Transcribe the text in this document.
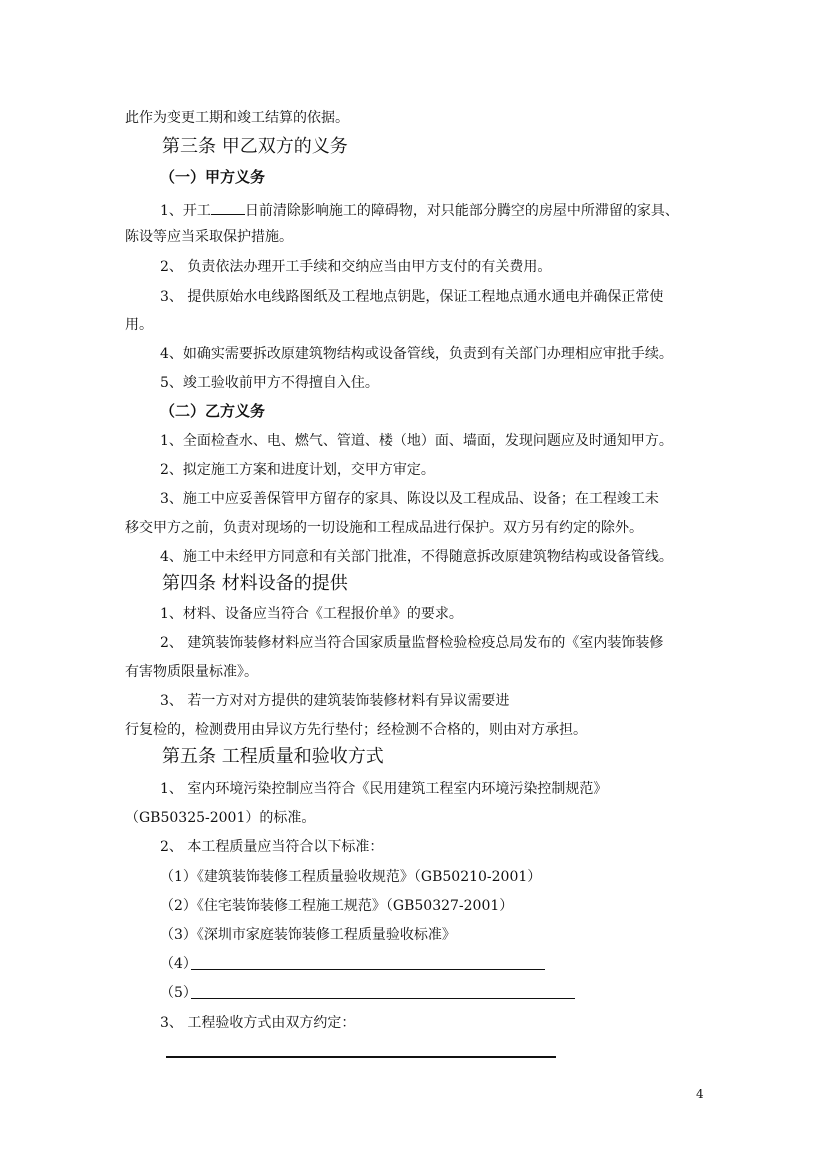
此作为变更工期和竣工结算的依据。
第三条 甲乙双方的义务
（一）甲方义务
1、开工 日前清除影响施工的障碍物，对只能部分腾空的房屋中所滞留的家具、
陈设等应当采取保护措施。
2、 负责依法办理开工手续和交纳应当由甲方支付的有关费用。
3、 提供原始水电线路图纸及工程地点钥匙，保证工程地点通水通电并确保正常使
用。
4、如确实需要拆改原建筑物结构或设备管线，负责到有关部门办理相应审批手续。
5、竣工验收前甲方不得擅自入住。
（二）乙方义务
1、全面检查水、电、燃气、管道、楼（地）面、墙面，发现问题应及时通知甲方。
2、拟定施工方案和进度计划，交甲方审定。
3、施工中应妥善保管甲方留存的家具、陈设以及工程成品、设备；在工程竣工未
移交甲方之前，负责对现场的一切设施和工程成品进行保护。双方另有约定的除外。
4、施工中未经甲方同意和有关部门批准，不得随意拆改原建筑物结构或设备管线。
第四条 材料设备的提供
1、材料、设备应当符合《工程报价单》的要求。
2、 建筑装饰装修材料应当符合国家质量监督检验检疫总局发布的《室内装饰装修
有害物质限量标准》。
3、 若一方对对方提供的建筑装饰装修材料有异议需要进
行复检的，检测费用由异议方先行垫付；经检测不合格的，则由对方承担。
第五条 工程质量和验收方式
1、 室内环境污染控制应当符合《民用建筑工程室内环境污染控制规范》
（GB50325-2001）的标准。
2、 本工程质量应当符合以下标准：
（1）《建筑装饰装修工程质量验收规范》（GB50210-2001）
（2）《住宅装饰装修工程施工规范》（GB50327-2001）
（3）《深圳市家庭装饰装修工程质量验收标准》
（4）
（5）
3、 工程验收方式由双方约定：
4
